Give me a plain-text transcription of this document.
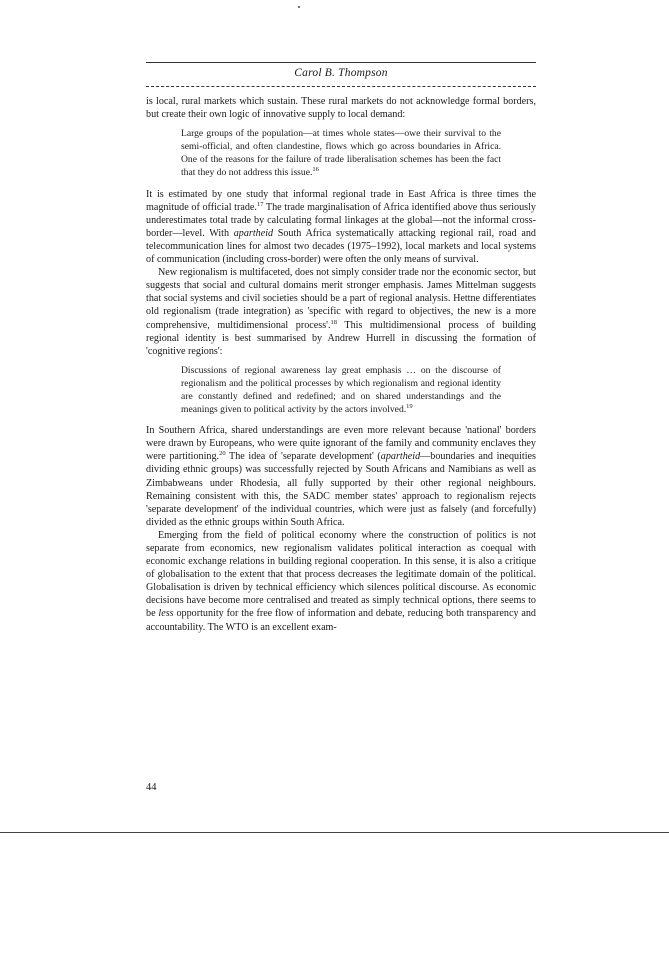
Carol B. Thompson

is local, rural markets which sustain. These rural markets do not acknowledge formal borders, but create their own logic of innovative supply to local demand:

Large groups of the population—at times whole states—owe their survival to the semi-official, and often clandestine, flows which go across boundaries in Africa. One of the reasons for the failure of trade liberalisation schemes has been the fact that they do not address this issue.$^{16}$

It is estimated by one study that informal regional trade in East Africa is three times the magnitude of official trade.$^{17}$ The trade marginalisation of Africa identified above thus seriously underestimates total trade by calculating formal linkages at the global—not the informal cross-border—level. With apartheid South Africa systematically attacking regional rail, road and telecommunication lines for almost two decades (1975–1992), local markets and local systems of communication (including cross-border) were often the only means of survival.

New regionalism is multifaceted, does not simply consider trade nor the economic sector, but suggests that social and cultural domains merit stronger emphasis. James Mittelman suggests that social systems and civil societies should be a part of regional analysis. Hettne differentiates old regionalism (trade integration) as 'specific with regard to objectives, the new is a more comprehensive, multidimensional process'.$^{18}$ This multidimensional process of building regional identity is best summarised by Andrew Hurrell in discussing the formation of 'cognitive regions':

Discussions of regional awareness lay great emphasis … on the discourse of regionalism and the political processes by which regionalism and regional identity are constantly defined and redefined; and on shared understandings and the meanings given to political activity by the actors involved.$^{19}$

In Southern Africa, shared understandings are even more relevant because 'national' borders were drawn by Europeans, who were quite ignorant of the family and community enclaves they were partitioning.$^{20}$ The idea of 'separate development' (apartheid—boundaries and inequities dividing ethnic groups) was successfully rejected by South Africans and Namibians as well as Zimbabweans under Rhodesia, all fully supported by their other regional neighbours. Remaining consistent with this, the SADC member states' approach to regionalism rejects 'separate development' of the individual countries, which were just as falsely (and forcefully) divided as the ethnic groups within South Africa.

Emerging from the field of political economy where the construction of politics is not separate from economics, new regionalism validates political interaction as coequal with economic exchange relations in building regional cooperation. In this sense, it is also a critique of globalisation to the extent that that process decreases the legitimate domain of the political. Globalisation is driven by technical efficiency which silences political discourse. As economic decisions have become more centralised and treated as simply technical options, there seems to be less opportunity for the free flow of information and debate, reducing both transparency and accountability. The WTO is an excellent exam-

44
